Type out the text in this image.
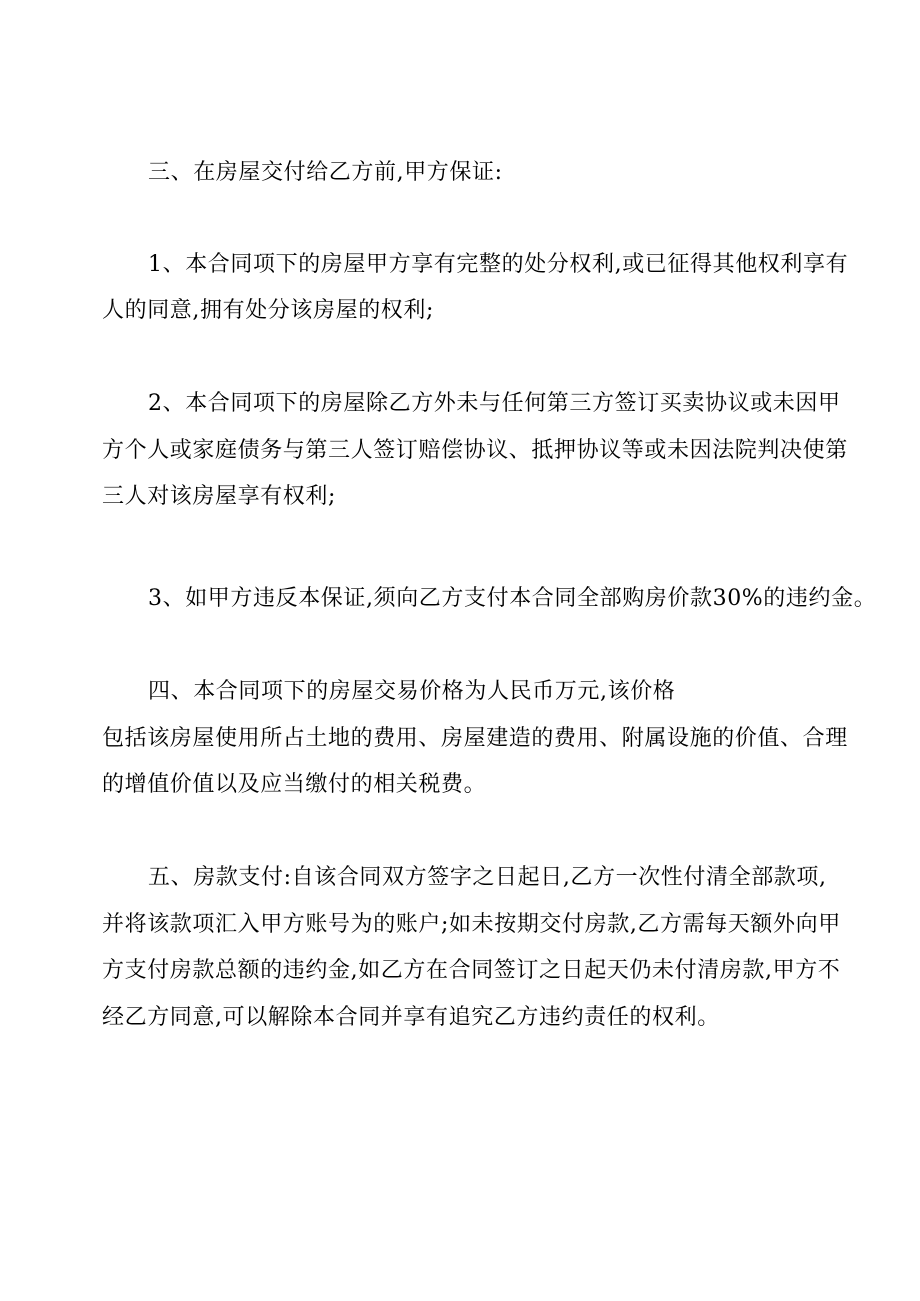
三、在房屋交付给乙方前,甲方保证:
1、本合同项下的房屋甲方享有完整的处分权利,或已征得其他权利享有
人的同意,拥有处分该房屋的权利;
2、本合同项下的房屋除乙方外未与任何第三方签订买卖协议或未因甲
方个人或家庭债务与第三人签订赔偿协议、抵押协议等或未因法院判决使第
三人对该房屋享有权利;
3、如甲方违反本保证,须向乙方支付本合同全部购房价款30%的违约金。
四、本合同项下的房屋交易价格为人民币万元,该价格
包括该房屋使用所占土地的费用、房屋建造的费用、附属设施的价值、合理
的增值价值以及应当缴付的相关税费。
五、房款支付:自该合同双方签字之日起日,乙方一次性付清全部款项,
并将该款项汇入甲方账号为的账户;如未按期交付房款,乙方需每天额外向甲
方支付房款总额的违约金,如乙方在合同签订之日起天仍未付清房款,甲方不
经乙方同意,可以解除本合同并享有追究乙方违约责任的权利。
